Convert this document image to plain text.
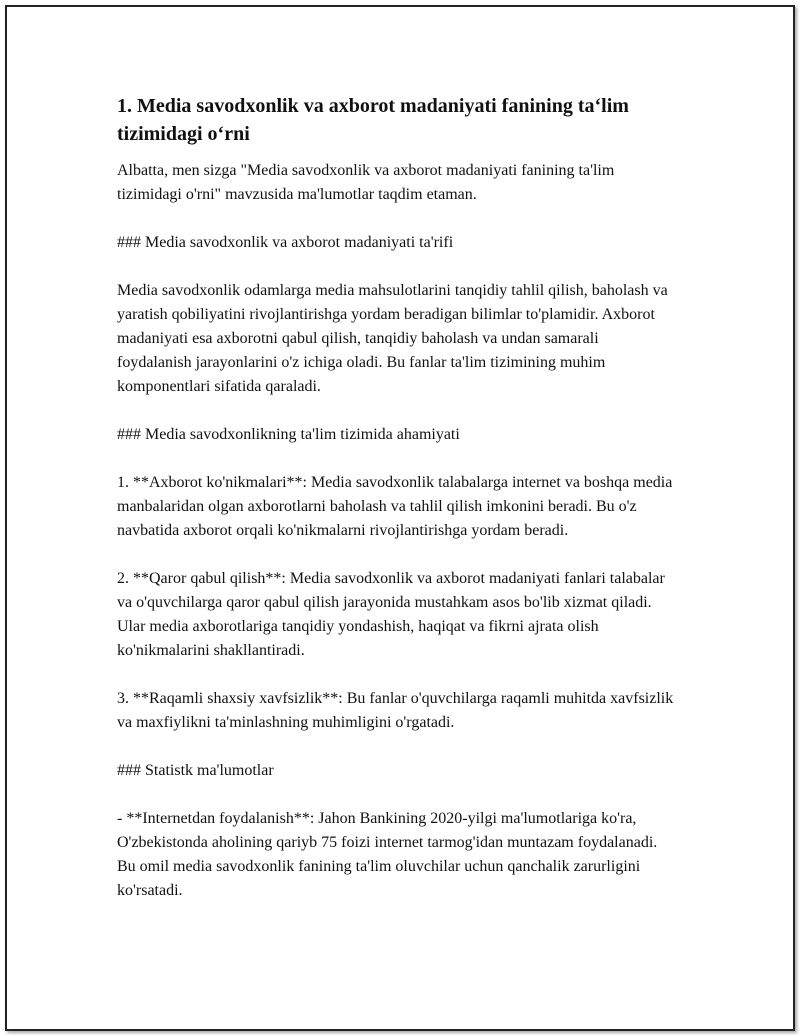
1. Media savodxonlik va axborot madaniyati fanining taʻlim tizimidagi oʻrni

Albatta, men sizga "Media savodxonlik va axborot madaniyati fanining ta'lim tizimidagi o'rni" mavzusida ma'lumotlar taqdim etaman.

### Media savodxonlik va axborot madaniyati ta'rifi

Media savodxonlik odamlarga media mahsulotlarini tanqidiy tahlil qilish, baholash va yaratish qobiliyatini rivojlantirishga yordam beradigan bilimlar to'plamidir. Axborot madaniyati esa axborotni qabul qilish, tanqidiy baholash va undan samarali foydalanish jarayonlarini o'z ichiga oladi. Bu fanlar ta'lim tizimining muhim komponentlari sifatida qaraladi.

### Media savodxonlikning ta'lim tizimida ahamiyati

1. **Axborot ko'nikmalari**: Media savodxonlik talabalarga internet va boshqa media manbalaridan olgan axborotlarni baholash va tahlil qilish imkonini beradi. Bu o'z navbatida axborot orqali ko'nikmalarni rivojlantirishga yordam beradi.

2. **Qaror qabul qilish**: Media savodxonlik va axborot madaniyati fanlari talabalar va o'quvchilarga qaror qabul qilish jarayonida mustahkam asos bo'lib xizmat qiladi. Ular media axborotlariga tanqidiy yondashish, haqiqat va fikrni ajrata olish ko'nikmalarini shakllantiradi.

3. **Raqamli shaxsiy xavfsizlik**: Bu fanlar o'quvchilarga raqamli muhitda xavfsizlik va maxfiylikni ta'minlashning muhimligini o'rgatadi.

### Statistk ma'lumotlar

- **Internetdan foydalanish**: Jahon Bankining 2020-yilgi ma'lumotlariga ko'ra, O'zbekistonda aholining qariyb 75 foizi internet tarmog'idan muntazam foydalanadi. Bu omil media savodxonlik fanining ta'lim oluvchilar uchun qanchalik zarurligini ko'rsatadi.
